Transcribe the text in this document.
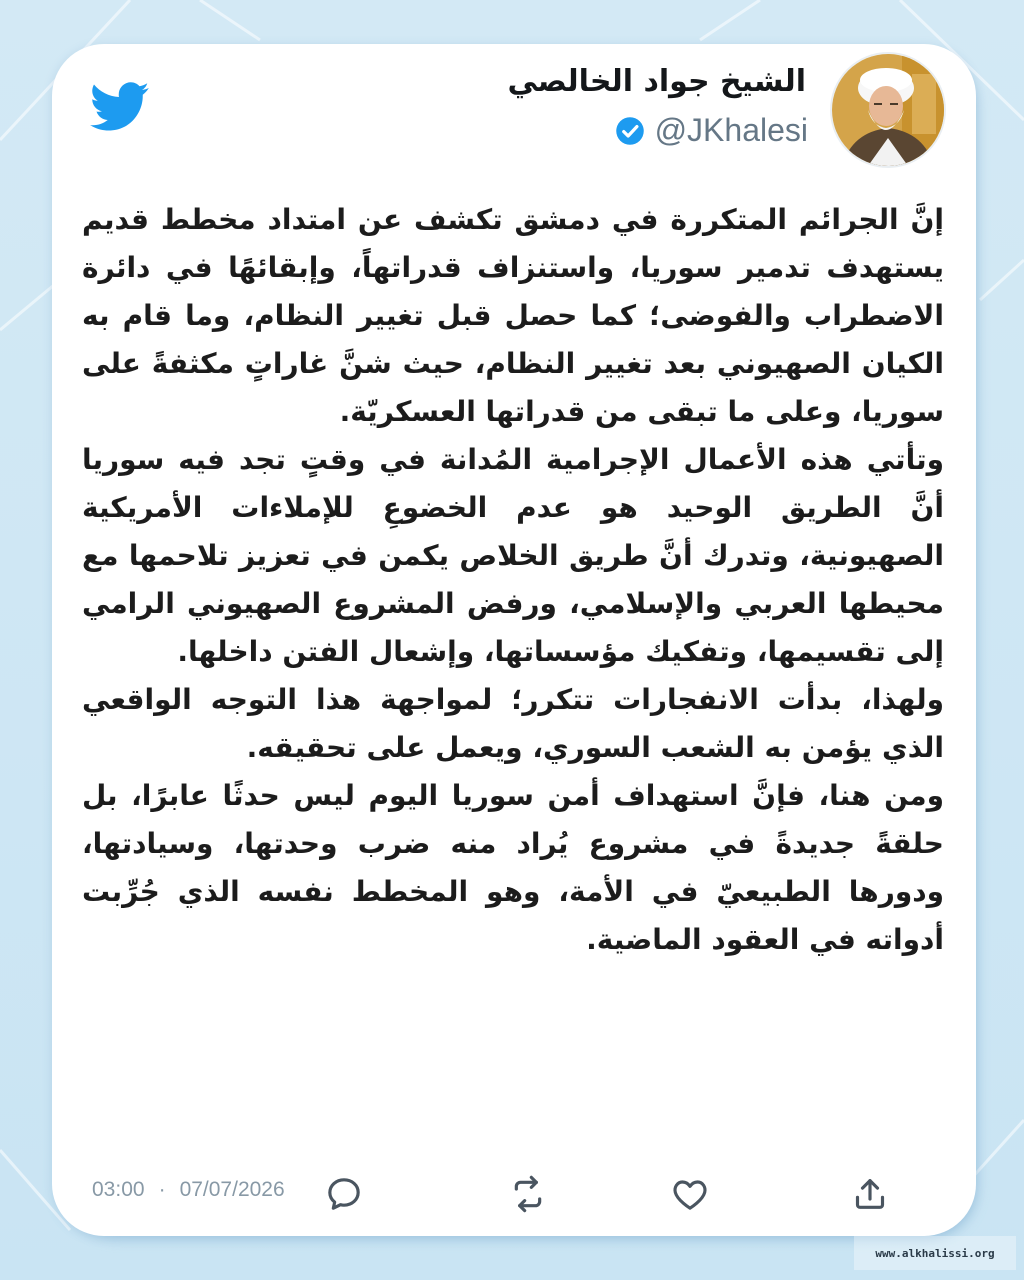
الشيخ جواد الخالصي
@JKhalesi

إنَّ الجرائم المتكررة في دمشق تكشف عن امتداد مخطط قديم يستهدف تدمير سوريا، واستنزاف قدراتهاً، وإبقائهًا في دائرة الاضطراب والفوضى؛ كما حصل قبل تغيير النظام، وما قام به الكيان الصهيوني بعد تغيير النظام، حيث شنَّ غاراتٍ مكثفةً على سوريا، وعلى ما تبقى من قدراتها العسكريّة.

وتأتي هذه الأعمال الإجرامية المُدانة في وقتٍ تجد فيه سوريا أنَّ الطريق الوحيد هو عدم الخضوعِ للإملاءات الأمريكية الصهيونية، وتدرك أنَّ طريق الخلاص يكمن في تعزيز تلاحمها مع محيطها العربي والإسلامي، ورفض المشروع الصهيوني الرامي إلى تقسيمها، وتفكيك مؤسساتها، وإشعال الفتن داخلها.

ولهذا، بدأت الانفجارات تتكرر؛ لمواجهة هذا التوجه الواقعي الذي يؤمن به الشعب السوري، ويعمل على تحقيقه.

ومن هنا، فإنَّ استهداف أمن سوريا اليوم ليس حدثًا عابرًا، بل حلقةً جديدةً في مشروع يُراد منه ضرب وحدتها، وسيادتها، ودورها الطبيعيّ في الأمة، وهو المخطط نفسه الذي جُرِّبت أدواته في العقود الماضية.

03:00 · 07/07/2026
www.alkhalissi.org
